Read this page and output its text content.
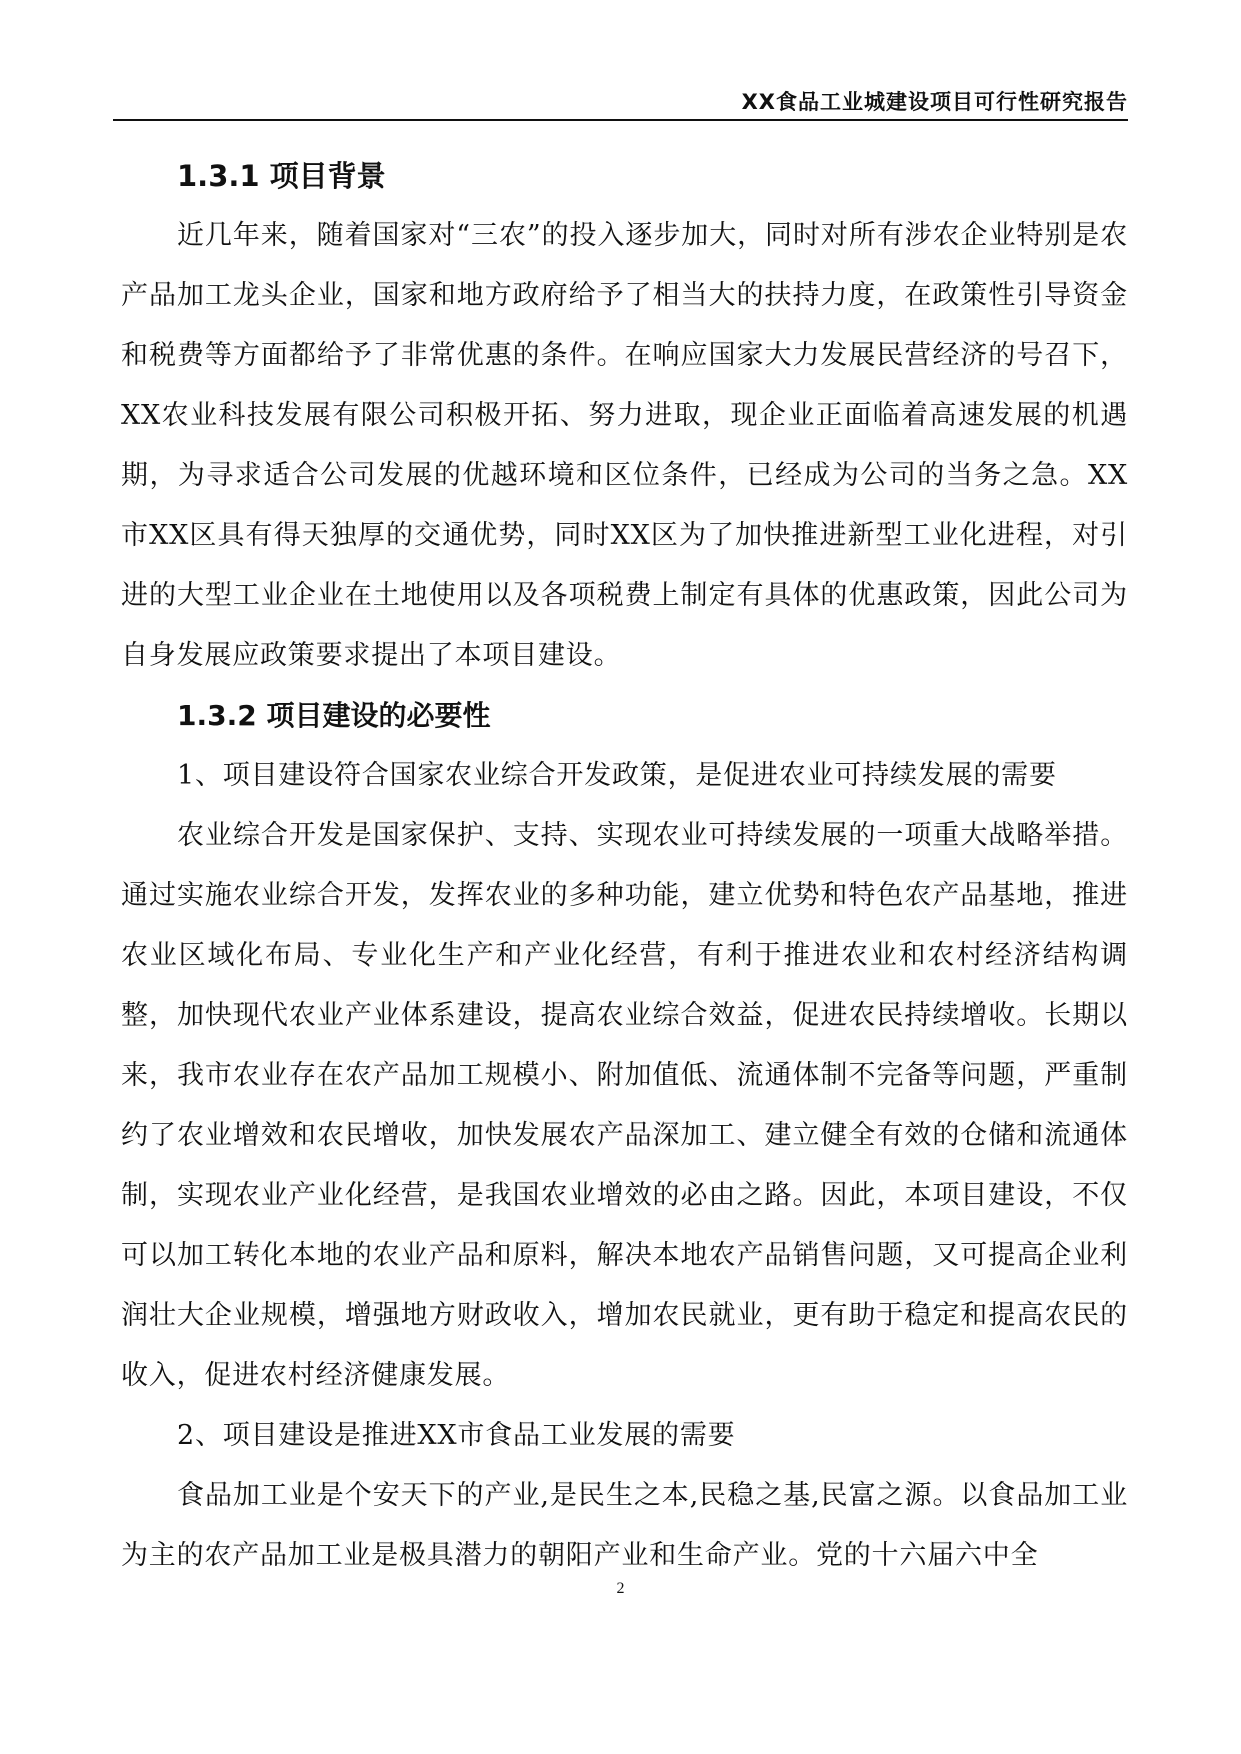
XX食品工业城建设项目可行性研究报告
1.3.1 项目背景

近几年来，随着国家对“三农”的投入逐步加大，同时对所有涉农企业特别是农产品加工龙头企业，国家和地方政府给予了相当大的扶持力度，在政策性引导资金和税费等方面都给予了非常优惠的条件。在响应国家大力发展民营经济的号召下，XX农业科技发展有限公司积极开拓、努力进取，现企业正面临着高速发展的机遇期，为寻求适合公司发展的优越环境和区位条件，已经成为公司的当务之急。XX市XX区具有得天独厚的交通优势，同时XX区为了加快推进新型工业化进程，对引进的大型工业企业在土地使用以及各项税费上制定有具体的优惠政策，因此公司为自身发展应政策要求提出了本项目建设。

1.3.2 项目建设的必要性

1、项目建设符合国家农业综合开发政策，是促进农业可持续发展的需要

农业综合开发是国家保护、支持、实现农业可持续发展的一项重大战略举措。通过实施农业综合开发，发挥农业的多种功能，建立优势和特色农产品基地，推进农业区域化布局、专业化生产和产业化经营，有利于推进农业和农村经济结构调整，加快现代农业产业体系建设，提高农业综合效益，促进农民持续增收。长期以来，我市农业存在农产品加工规模小、附加值低、流通体制不完备等问题，严重制约了农业增效和农民增收，加快发展农产品深加工、建立健全有效的仓储和流通体制，实现农业产业化经营，是我国农业增效的必由之路。因此，本项目建设，不仅可以加工转化本地的农业产品和原料，解决本地农产品销售问题，又可提高企业利润壮大企业规模，增强地方财政收入，增加农民就业，更有助于稳定和提高农民的收入，促进农村经济健康发展。

2、项目建设是推进XX市食品工业发展的需要

食品加工业是个安天下的产业,是民生之本,民稳之基,民富之源。以食品加工业为主的农产品加工业是极具潜力的朝阳产业和生命产业。党的十六届六中全

2
